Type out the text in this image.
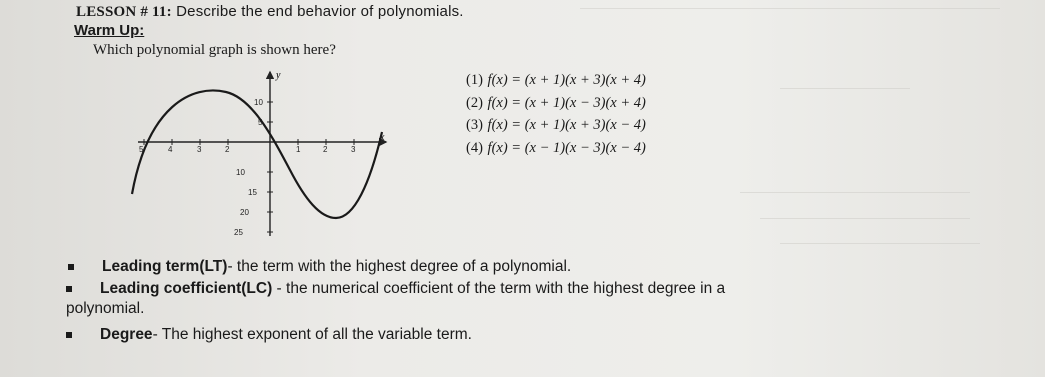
LESSON # 11: Describe the end behavior of polynomials.
Warm Up:
Which polynomial graph is shown here?
y
x
5	4	3	2	1	2	3
10
5
10
15
20
25
(1) f(x) = (x + 1)(x + 3)(x + 4)
(2) f(x) = (x + 1)(x − 3)(x + 4)
(3) f(x) = (x + 1)(x + 3)(x − 4)
(4) f(x) = (x − 1)(x − 3)(x − 4)
Leading term(LT)- the term with the highest degree of a polynomial.
Leading coefficient(LC) - the numerical coefficient of the term with the highest degree in a
polynomial.
Degree- The highest exponent of all the variable term.
